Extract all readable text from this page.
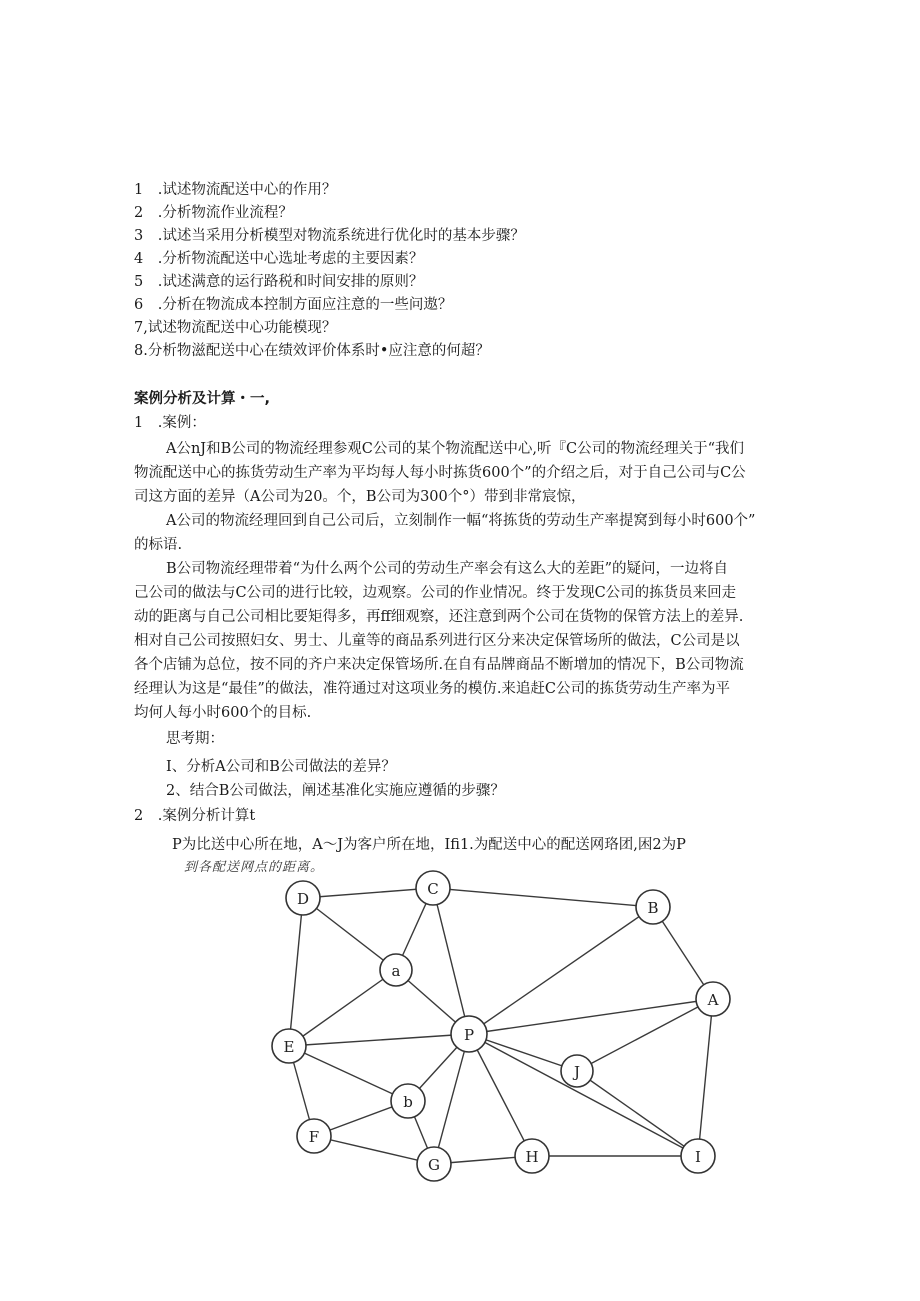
1　.试述物流配送中心的作用？
2　.分析物流作业流程？
3　.试述当采用分析模型对物流系统进行优化时的基本步骤？
4　.分析物流配送中心选址考虑的主要因素？
5　.试述满意的运行路税和时间安排的原则？
6　.分析在物流成本控制方面应注意的一些问遨？
7,试述物流配送中心功能模现？
8.分析物滋配送中心在绩效评价体系时•应注意的何超？
案例分析及计算・一,
1　.案例：
A公nJ和B公司的物流经理参观C公司的某个物流配送中心,听『C公司的物流经理关于“我们
物流配送中心的拣货劳动生产率为平均每人每小时拣货600个”的介绍之后，对于自己公司与C公
司这方面的差异（A公司为20。个，B公司为300个°）带到非常宸惊，
A公司的物流经理回到自己公司后，立刻制作一幅“将拣货的劳动生产率提窝到每小时600个”
的标语.
B公司物流经理带着“为什么两个公司的劳动生产率会有这么大的差距”的疑问，一边将自
己公司的做法与C公司的进行比较，边观察。公司的作业情况。终于发现C公司的拣货员来回走
动的距离与自己公司相比要矩得多，再ff细观察，还注意到两个公司在货物的保管方法上的差异.
相对自己公司按照妇女、男士、儿童等的商品系列进行区分来决定保管场所的做法，C公司是以
各个店铺为总位，按不同的齐户来决定保管场所.在自有品牌商品不断增加的情况下，B公司物流
经理认为这是“最佳”的做法，准符通过对这项业务的模仿.来追赶C公司的拣货劳动生产率为平
均何人每小时600个的目标.
思考期：
I、分析A公司和B公司做法的差异？
2、结合B公司做法，阐述基准化实施应遵循的步骤？
2　.案例分析计算t
P为比送中心所在地，A～J为客户所在地，Ifi1.为配送中心的配送网珞团,困2为P
到各配送网点的距离。
D
C
B
a
A
E
P
J
b
F
G	H	I
